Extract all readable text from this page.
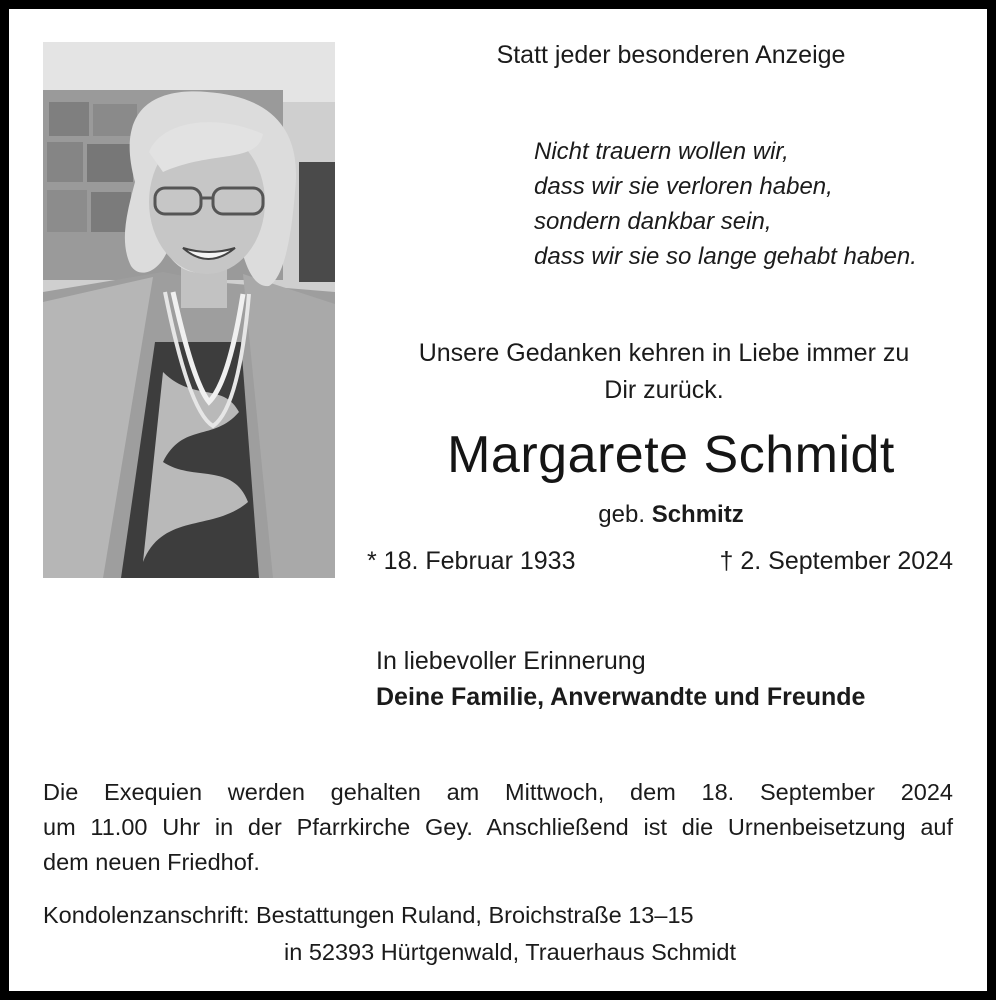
Statt jeder besonderen Anzeige
Nicht trauern wollen wir,
dass wir sie verloren haben,
sondern dankbar sein,
dass wir sie so lange gehabt haben.
Unsere Gedanken kehren in Liebe immer zu
Dir zurück.
Margarete Schmidt
geb. Schmitz
* 18. Februar 1933	† 2. September 2024
In liebevoller Erinnerung
Deine Familie, Anverwandte und Freunde
Die Exequien werden gehalten am Mittwoch, dem 18. September 2024
um 11.00 Uhr in der Pfarrkirche Gey. Anschließend ist die Urnenbeisetzung auf
dem neuen Friedhof.
Kondolenzanschrift: Bestattungen Ruland, Broichstraße 13–15
in 52393 Hürtgenwald, Trauerhaus Schmidt
